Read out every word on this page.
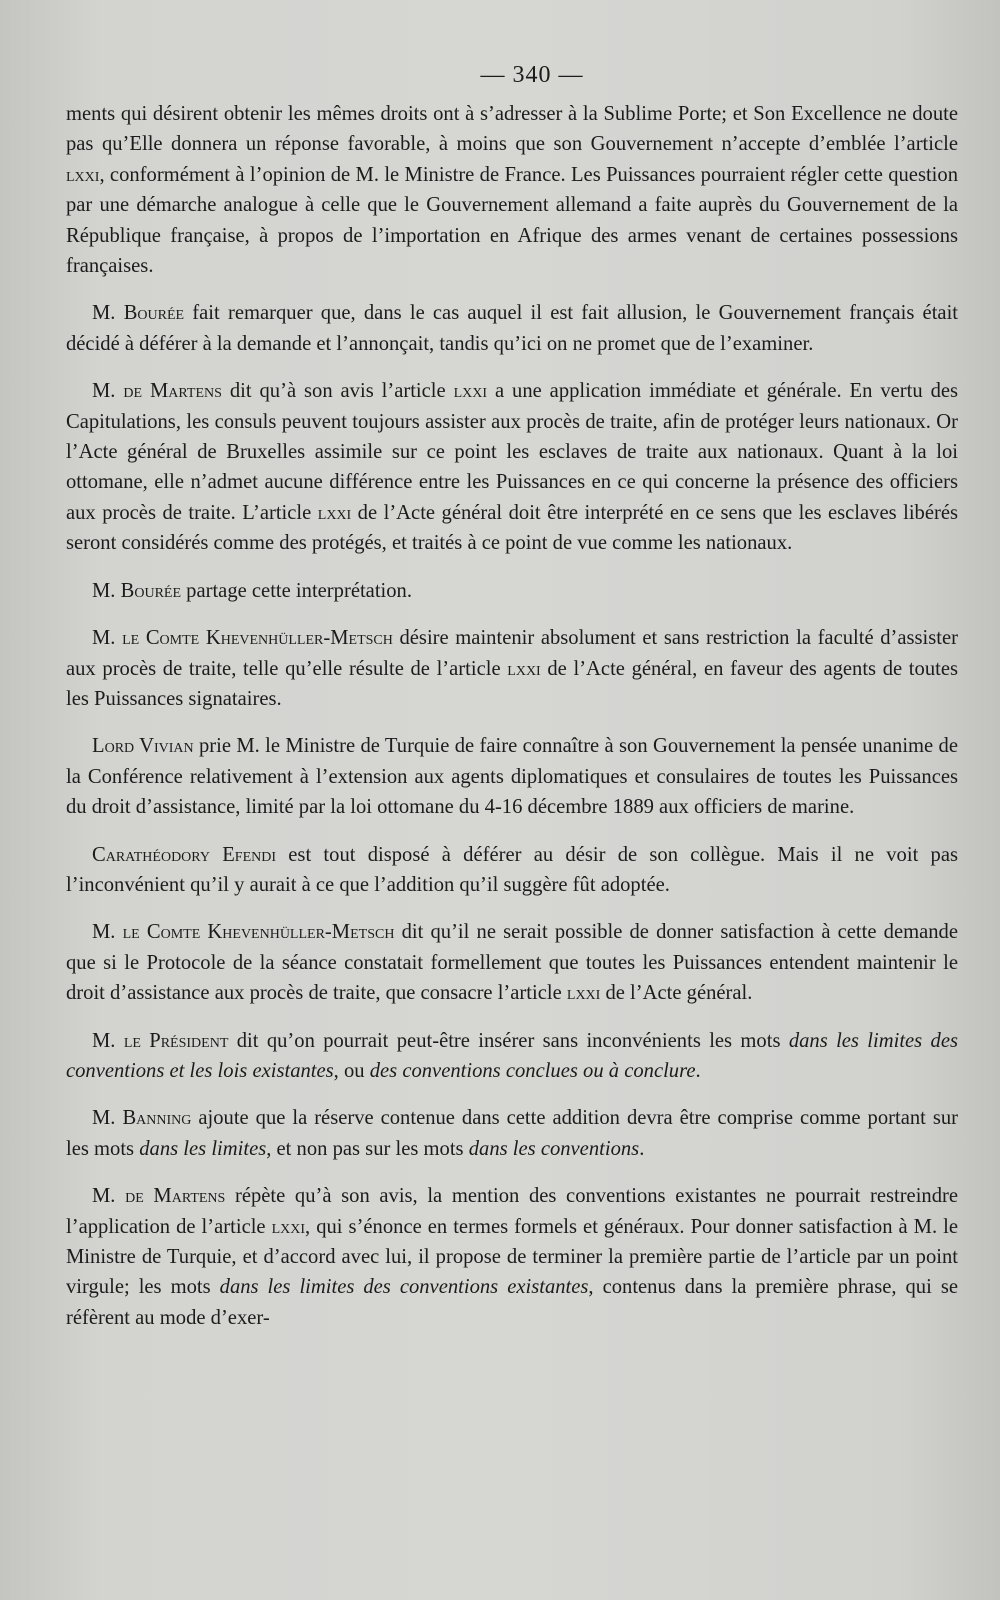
— 340 —

ments qui désirent obtenir les mêmes droits ont à s’adresser à la Sublime Porte; et Son Excellence ne doute pas qu’Elle donnera un réponse favorable, à moins que son Gouvernement n’accepte d’emblée l’article lxxi, conformément à l’opinion de M. le Ministre de France. Les Puissances pourraient régler cette question par une démarche analogue à celle que le Gouvernement allemand a faite auprès du Gouvernement de la République française, à propos de l’importation en Afrique des armes venant de certaines possessions françaises.

M. Bourée fait remarquer que, dans le cas auquel il est fait allusion, le Gouvernement français était décidé à déférer à la demande et l’annonçait, tandis qu’ici on ne promet que de l’examiner.

M. de Martens dit qu’à son avis l’article lxxi a une application immédiate et générale. En vertu des Capitulations, les consuls peuvent toujours assister aux procès de traite, afin de protéger leurs nationaux. Or l’Acte général de Bruxelles assimile sur ce point les esclaves de traite aux nationaux. Quant à la loi ottomane, elle n’admet aucune différence entre les Puissances en ce qui concerne la présence des officiers aux procès de traite. L’article lxxi de l’Acte général doit être interprété en ce sens que les esclaves libérés seront considérés comme des protégés, et traités à ce point de vue comme les nationaux.

M. Bourée partage cette interprétation.

M. le Comte Khevenhüller-Metsch désire maintenir absolument et sans restriction la faculté d’assister aux procès de traite, telle qu’elle résulte de l’article lxxi de l’Acte général, en faveur des agents de toutes les Puissances signataires.

Lord Vivian prie M. le Ministre de Turquie de faire connaître à son Gouvernement la pensée unanime de la Conférence relativement à l’extension aux agents diplomatiques et consulaires de toutes les Puissances du droit d’assistance, limité par la loi ottomane du 4-16 décembre 1889 aux officiers de marine.

Carathéodory Efendi est tout disposé à déférer au désir de son collègue. Mais il ne voit pas l’inconvénient qu’il y aurait à ce que l’addition qu’il suggère fût adoptée.

M. le Comte Khevenhüller-Metsch dit qu’il ne serait possible de donner satisfaction à cette demande que si le Protocole de la séance constatait formellement que toutes les Puissances entendent maintenir le droit d’assistance aux procès de traite, que consacre l’article lxxi de l’Acte général.

M. le Président dit qu’on pourrait peut-être insérer sans inconvénients les mots dans les limites des conventions et les lois existantes, ou des conventions conclues ou à conclure.

M. Banning ajoute que la réserve contenue dans cette addition devra être comprise comme portant sur les mots dans les limites, et non pas sur les mots dans les conventions.

M. de Martens répète qu’à son avis, la mention des conventions existantes ne pourrait restreindre l’application de l’article lxxi, qui s’énonce en termes formels et généraux. Pour donner satisfaction à M. le Ministre de Turquie, et d’accord avec lui, il propose de terminer la première partie de l’article par un point virgule; les mots dans les limites des conventions existantes, contenus dans la première phrase, qui se réfèrent au mode d’exer-
